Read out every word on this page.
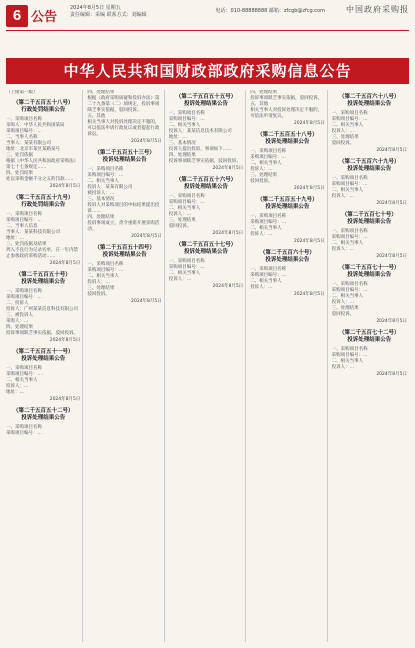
6 公告
2024年8月5日 星期五
责任编辑：采编 联系方式：刘编辑
电话：010-88888888 邮箱：zfcgb@zfcg.com	中国政府采购报
中华人民共和国财政部政府采购信息公告
（上接第一版）
（第二千五百五十八号）
行政处罚结果公告

一、采购项目名称

采购人：中华人民共和国某局

采购项目编号：…

二、当事人名称

当事人：某某有限公司

地址：北京市某区某路某号

三、处罚依据

根据《中华人民共和国政府采购法》第七十七条规定……

四、处罚结果

处以采购金额千分之五的罚款……

2024年8月5日
（第二千五百五十九号）
行政处罚结果公告

一、采购项目名称

采购项目编号：…

二、当事人信息

当事人：某某科技有限公司

地址：…

三、处罚依据及结果

列入不良行为记录名单，在一年内禁止参加政府采购活动……

2024年8月5日
（第二千五百五十号）
投诉处理结果公告

一、采购项目名称

采购项目编号：…

二、投诉人

投诉人：广州某某信息科技有限公司

三、被投诉人

采购人：…

四、处理结果

投诉事项缺乏事实依据，驳回投诉。

2024年8月5日
（第二千五百五十一号）
投诉处理结果公告

一、采购项目名称

采购项目编号：…

二、相关当事人

投诉人：…

地址：…

2024年8月5日
（第二千五百五十二号）
投诉处理结果公告

一、采购项目名称

采购项目编号：…

四、处理结果

根据《政府采购质疑和投诉办法》第二十九条第（二）项规定，投诉事项缺乏事实依据，驳回投诉。

五、其他

相关当事人对投诉处理决定不服的，可以依法申请行政复议或者提起行政诉讼。

2024年8月5日
（第二千五百五十三号）
投诉处理结果公告

一、采购项目名称

采购项目编号：…

二、相关当事人

投诉人：某某有限公司

被投诉人：…

三、基本情况

投诉人对采购项目的中标结果提出投诉……

四、处理结果

投诉事项成立，责令重新开展采购活动。

2024年8月5日
（第二千五百五十四号）
投诉处理结果公告

一、采购项目名称

采购项目编号：…

二、相关当事人

投诉人：…

三、处理结果

驳回投诉。

2024年8月5日
（第二千五百五十五号）
投诉处理结果公告

一、采购项目名称

采购项目编号：…

二、相关当事人

投诉人：某某信息技术有限公司

地址：…

三、基本情况

投诉人提出投诉，事项如下……

四、处理结果

投诉事项缺乏事实依据，驳回投诉。

2024年8月5日
（第二千五百五十六号）
投诉处理结果公告

一、采购项目名称

采购项目编号：…

二、相关当事人

投诉人：…

三、处理结果

驳回投诉。

2024年8月5日
（第二千五百五十七号）
投诉处理结果公告

一、采购项目名称

采购项目编号：…

二、相关当事人

投诉人：…

2024年8月5日

四、处理结果

投诉事项缺乏事实依据，驳回投诉。

五、其他

相关当事人对投诉处理决定不服的，可依法申请复议。

2024年8月5日
（第二千五百五十八号）
投诉处理结果公告

一、采购项目名称

采购项目编号：…

二、相关当事人

投诉人：…

三、处理结果

驳回投诉。

2024年8月5日
（第二千五百五十九号）
投诉处理结果公告

一、采购项目名称

采购项目编号：…

二、相关当事人

投诉人：…

2024年8月5日
（第二千五百六十号）
投诉处理结果公告

一、采购项目名称

采购项目编号：…

二、相关当事人

投诉人：…

2024年8月5日
（第二千五百六十八号）
投诉处理结果公告

一、采购项目名称

采购项目编号：…

二、相关当事人

投诉人：…

三、处理结果

驳回投诉。

2024年8月5日
（第二千五百六十九号）
投诉处理结果公告

一、采购项目名称

采购项目编号：…

二、相关当事人

投诉人：…

2024年8月5日
（第二千五百七十号）
投诉处理结果公告

一、采购项目名称

采购项目编号：…

二、相关当事人

投诉人：…

2024年8月5日
（第二千五百七十一号）
投诉处理结果公告

一、采购项目名称

采购项目编号：…

二、相关当事人

投诉人：…

三、处理结果

驳回投诉。

2024年8月5日
（第二千五百七十二号）
投诉处理结果公告

一、采购项目名称

采购项目编号：…

二、相关当事人

投诉人：…

2024年8月5日
